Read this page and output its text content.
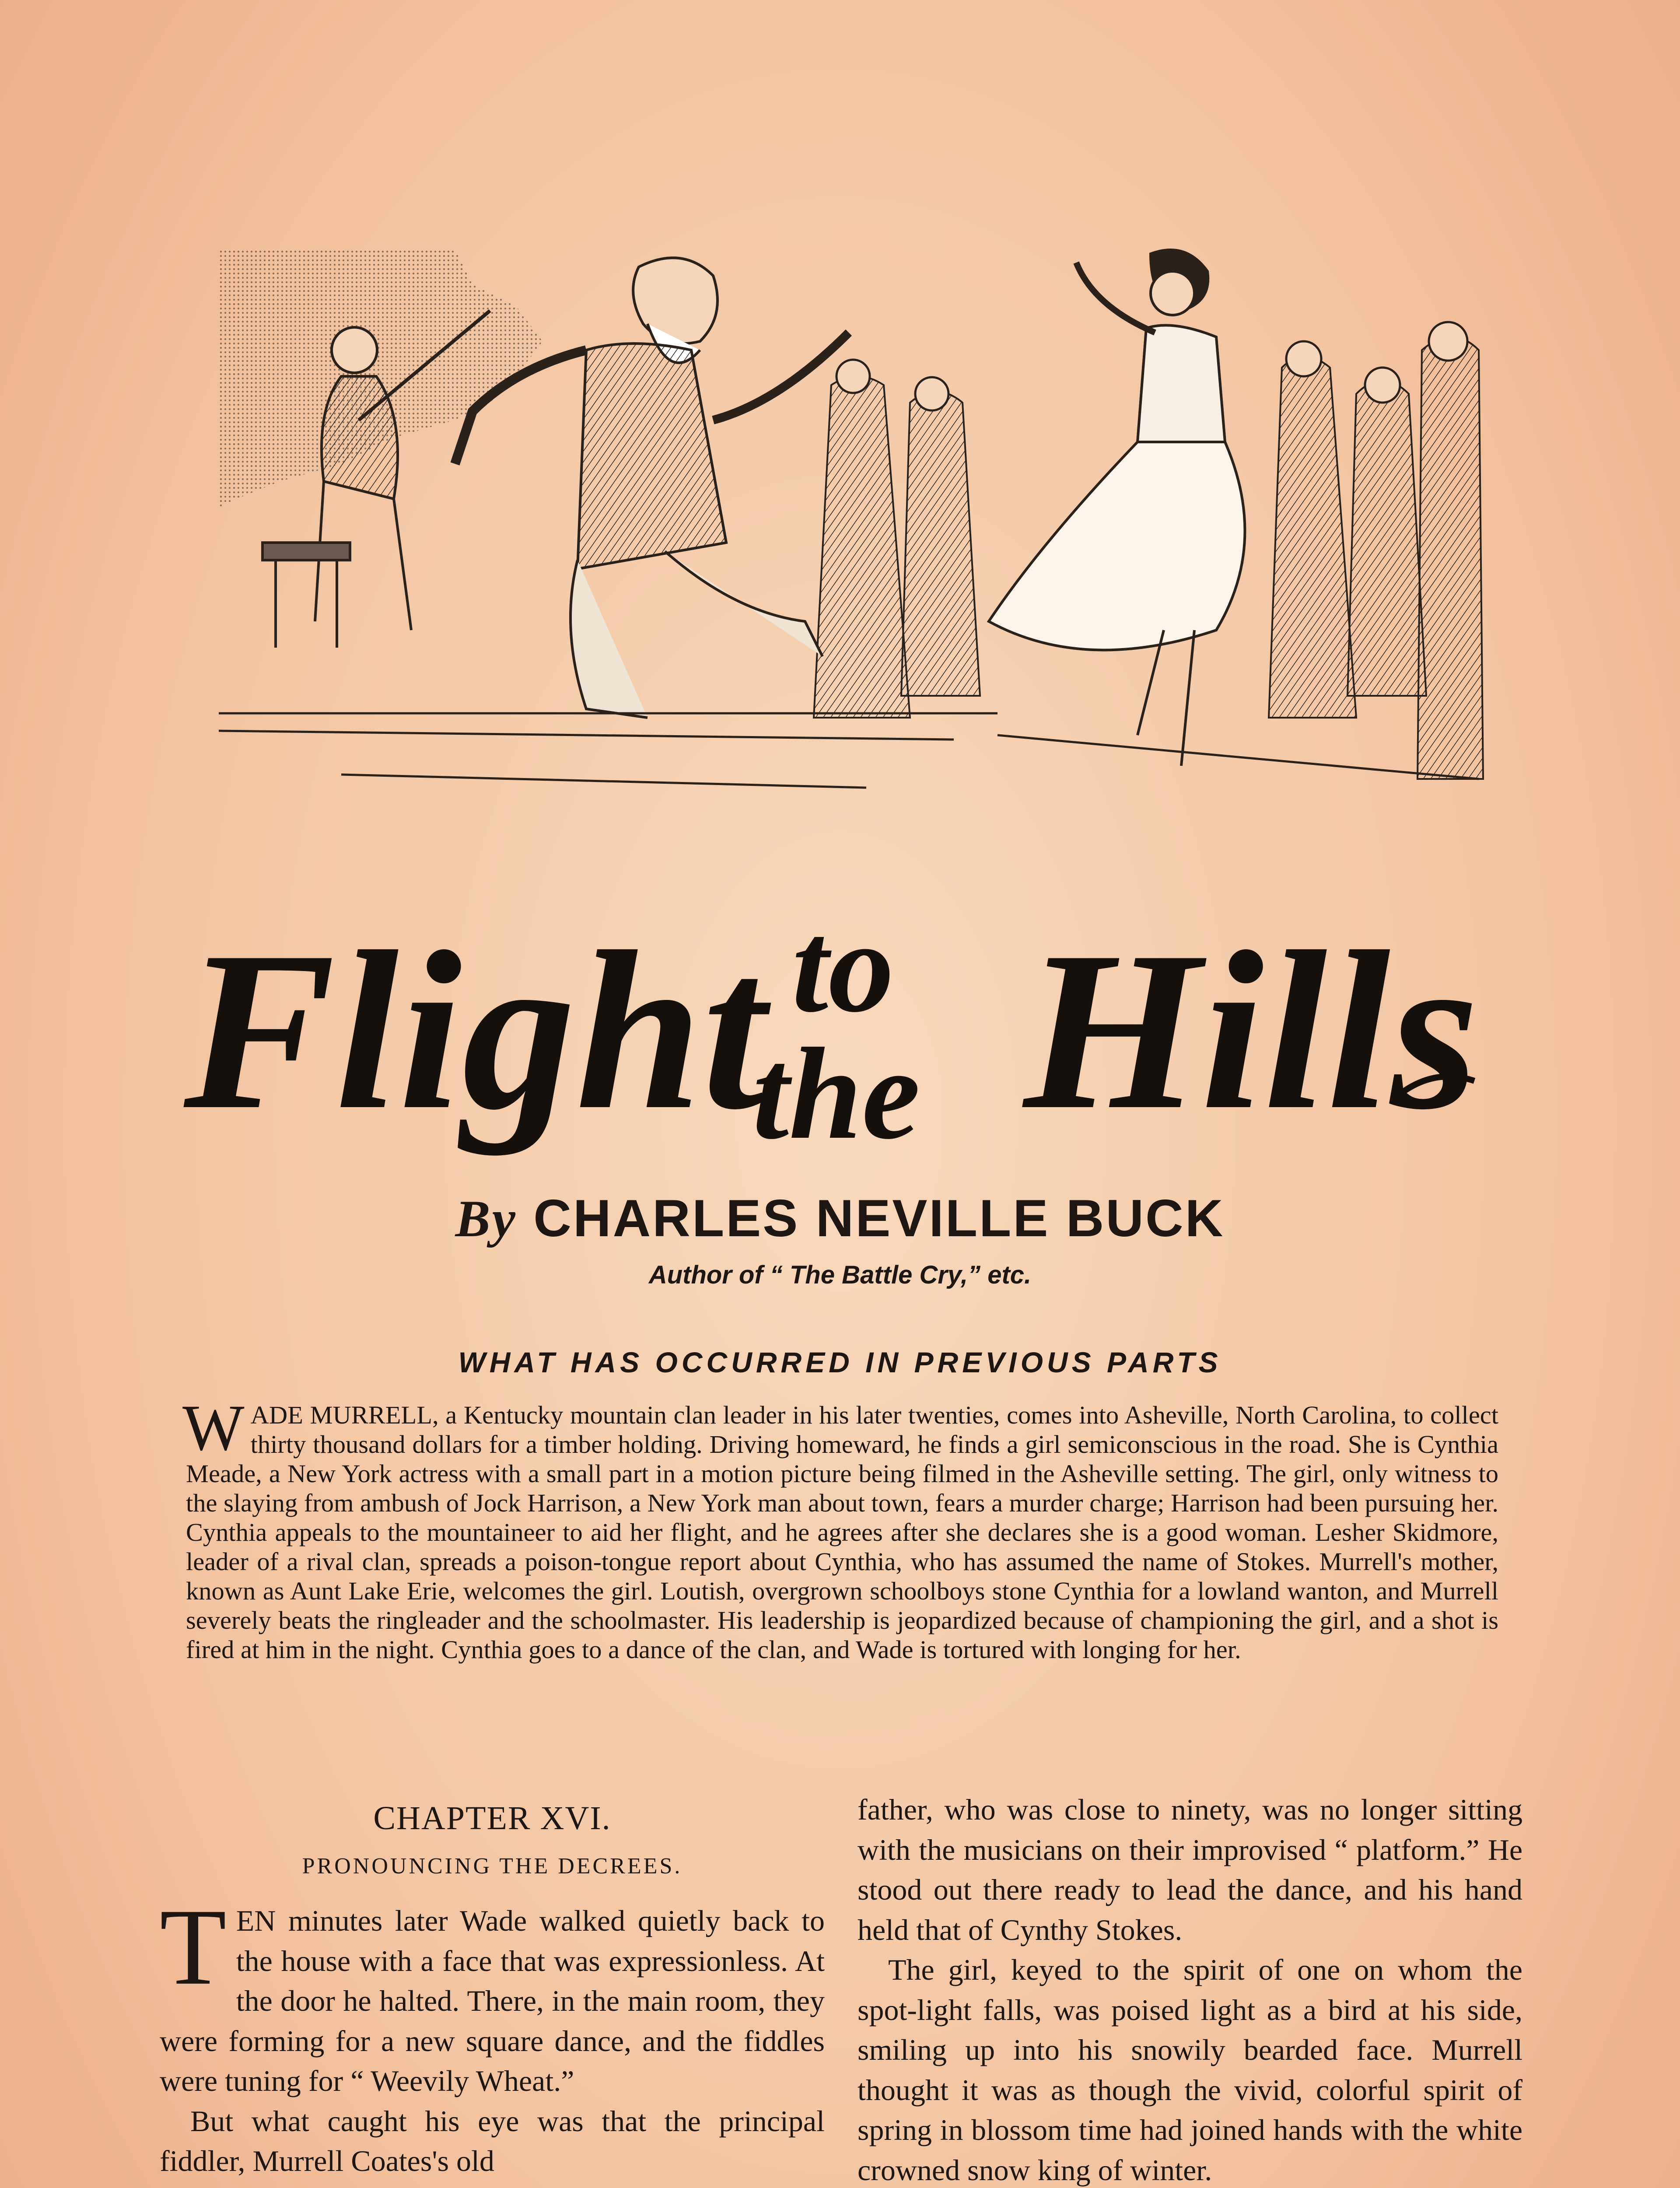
Flight to
the Hills
By CHARLES NEVILLE BUCK
Author of “ The Battle Cry,” etc.
WHAT HAS OCCURRED IN PREVIOUS PARTS
WADE MURRELL, a Kentucky mountain clan leader in his later twenties, comes into Asheville, North Carolina, to collect thirty thousand dollars for a timber holding. Driving homeward, he finds a girl semiconscious in the road. She is Cynthia Meade, a New York actress with a small part in a motion picture being filmed in the Asheville setting. The girl, only witness to the slaying from ambush of Jock Harrison, a New York man about town, fears a murder charge; Harrison had been pursuing her. Cynthia appeals to the mountaineer to aid her flight, and he agrees after she declares she is a good woman. Lesher Skidmore, leader of a rival clan, spreads a poison-tongue report about Cynthia, who has assumed the name of Stokes. Murrell's mother, known as Aunt Lake Erie, welcomes the girl. Loutish, overgrown schoolboys stone Cynthia for a lowland wanton, and Murrell severely beats the ringleader and the schoolmaster. His leadership is jeopardized because of championing the girl, and a shot is fired at him in the night. Cynthia goes to a dance of the clan, and Wade is tortured with longing for her.
CHAPTER XVI.
PRONOUNCING THE DECREES.

TEN minutes later Wade walked quietly back to the house with a face that was expressionless. At the door he halted. There, in the main room, they were forming for a new square dance, and the fiddles were tuning for “ Weevily Wheat.”

But what caught his eye was that the principal fiddler, Murrell Coates's old

father, who was close to ninety, was no longer sitting with the musicians on their improvised “ platform.” He stood out there ready to lead the dance, and his hand held that of Cynthy Stokes.

The girl, keyed to the spirit of one on whom the spot-light falls, was poised light as a bird at his side, smiling up into his snowily bearded face. Murrell thought it was as though the vivid, colorful spirit of spring in blossom time had joined hands with the white crowned snow king of winter.
